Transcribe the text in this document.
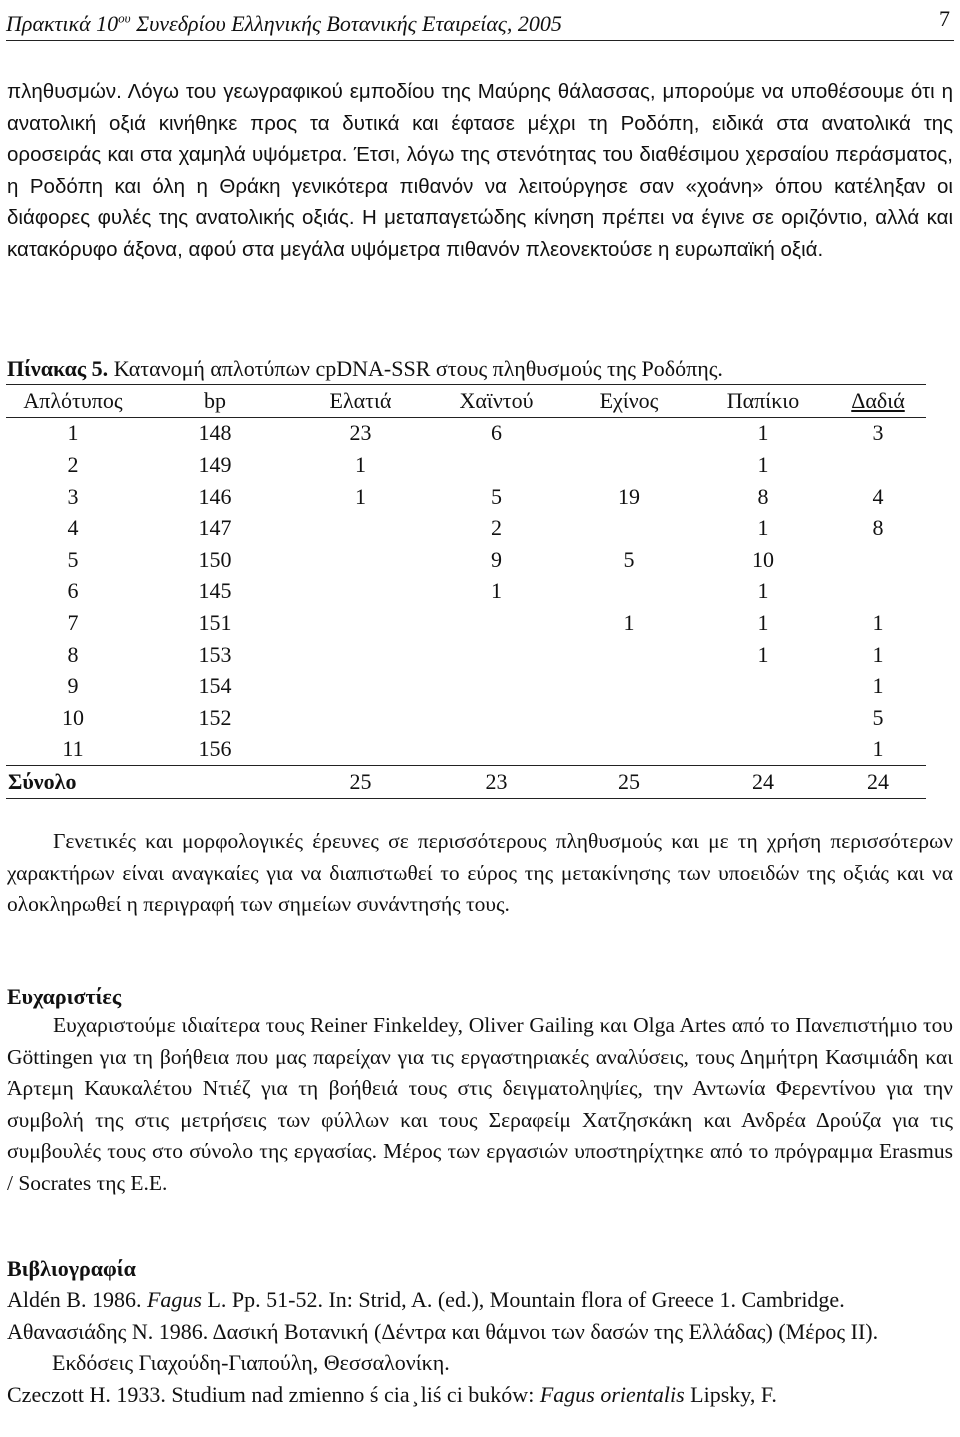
Πρακτικά $10^{o\upsilon}$ Συνεδρίου Ελληνικής Βοτανικής Εταιρείας, 2005	7
πληθυσμών. Λόγω του γεωγραφικού εμποδίου της Μαύρης θάλασσας, μπορούμε να υποθέσουμε ότι η ανατολική οξιά κινήθηκε προς τα δυτικά και έφτασε μέχρι τη Ροδόπη, ειδικά στα ανατολικά της οροσειράς και στα χαμηλά υψόμετρα. Έτσι, λόγω της στενότητας του διαθέσιμου χερσαίου περάσματος, η Ροδόπη και όλη η Θράκη γενικότερα πιθανόν να λειτούργησε σαν «χοάνη» όπου κατέληξαν οι διάφορες φυλές της ανατολικής οξιάς. Η μεταπαγετώδης κίνηση πρέπει να έγινε σε οριζόντιο, αλλά και κατακόρυφο άξονα, αφού στα μεγάλα υψόμετρα πιθανόν πλεονεκτούσε η ευρωπαϊκή οξιά.
Πίνακας 5. Κατανομή απλοτύπων cpDNA-SSR στους πληθυσμούς της Ροδόπης.
Απλότυπος	bp	Ελατιά	Χαϊντού	Εχίνος	Παπίκιο	Δαδιά
1	148	23	6		1	3
2	149	1			1	
3	146	1	5	19	8	4
4	147		2		1	8
5	150		9	5	10	
6	145		1		1	
7	151			1	1	1
8	153				1	1
9	154					1
10	152					5
11	156					1
Σύνολο		25	23	25	24	24
Γενετικές και μορφολογικές έρευνες σε περισσότερους πληθυσμούς και με τη χρήση περισσότερων χαρακτήρων είναι αναγκαίες για να διαπιστωθεί το εύρος της μετακίνησης των υποειδών της οξιάς και να ολοκληρωθεί η περιγραφή των σημείων συνάντησής τους.
Ευχαριστίες
Ευχαριστούμε ιδιαίτερα τους Reiner Finkeldey, Oliver Gailing και Olga Artes από το Πανεπιστήμιο του Göttingen για τη βοήθεια που μας παρείχαν για τις εργαστηριακές αναλύσεις, τους Δημήτρη Κασιμιάδη και Άρτεμη Καυκαλέτου Ντιέζ για τη βοήθειά τους στις δειγματοληψίες, την Αντωνία Φερεντίνου για την συμβολή της στις μετρήσεις των φύλλων και τους Σεραφείμ Χατζησκάκη και Ανδρέα Δρούζα για τις συμβουλές τους στο σύνολο της εργασίας. Μέρος των εργασιών υποστηρίχτηκε από το πρόγραμμα Erasmus / Socrates της Ε.Ε.
Βιβλιογραφία
Aldén B. 1986. Fagus L. Pp. 51-52. In: Strid, A. (ed.), Mountain flora of Greece 1. Cambridge.
Αθανασιάδης Ν. 1986. Δασική Βοτανική (Δέντρα και θάμνοι των δασών της Ελλάδας) (Μέρος ΙΙ). Εκδόσεις Γιαχούδη-Γιαπούλη, Θεσσαλονίκη.
Czeczott H. 1933. Studium nad zmienno ś cia ̧ liś ci buków: Fagus orientalis Lipsky, F.
